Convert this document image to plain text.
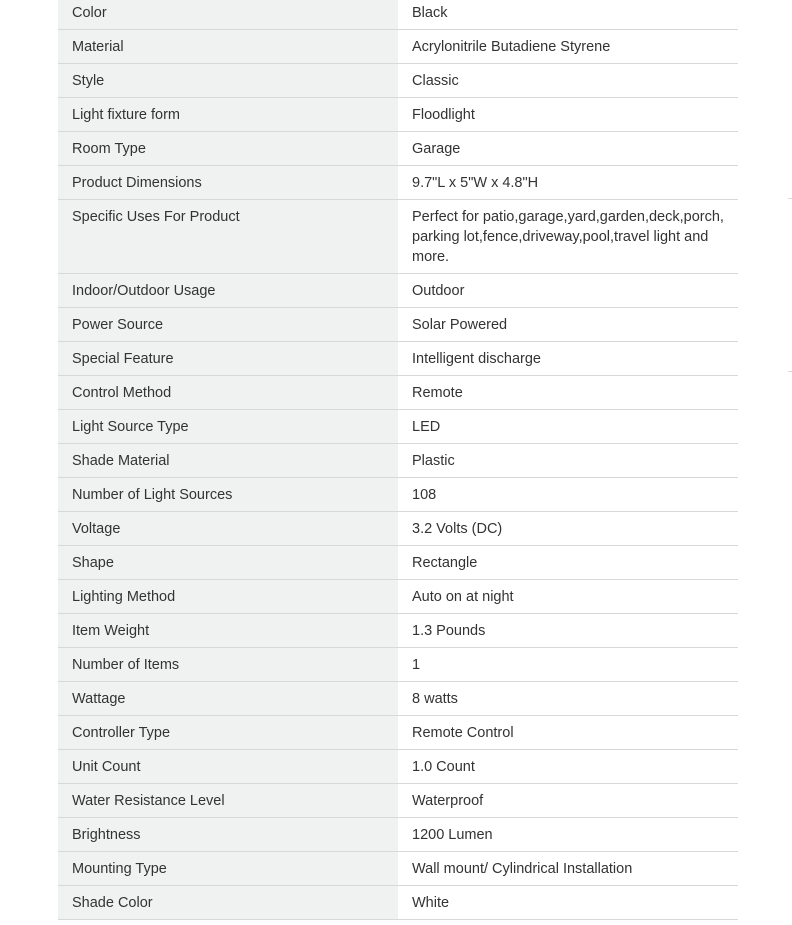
Color	Black
Material	Acrylonitrile Butadiene Styrene
Style	Classic
Light fixture form	Floodlight
Room Type	Garage
Product Dimensions	9.7"L x 5"W x 4.8"H
Specific Uses For Product	Perfect for patio,garage,yard,garden,deck,porch, parking lot,fence,driveway,pool,travel light and more.
Indoor/Outdoor Usage	Outdoor
Power Source	Solar Powered
Special Feature	Intelligent discharge
Control Method	Remote
Light Source Type	LED
Shade Material	Plastic
Number of Light Sources	108
Voltage	3.2 Volts (DC)
Shape	Rectangle
Lighting Method	Auto on at night
Item Weight	1.3 Pounds
Number of Items	1
Wattage	8 watts
Controller Type	Remote Control
Unit Count	1.0 Count
Water Resistance Level	Waterproof
Brightness	1200 Lumen
Mounting Type	Wall mount/ Cylindrical Installation
Shade Color	White
